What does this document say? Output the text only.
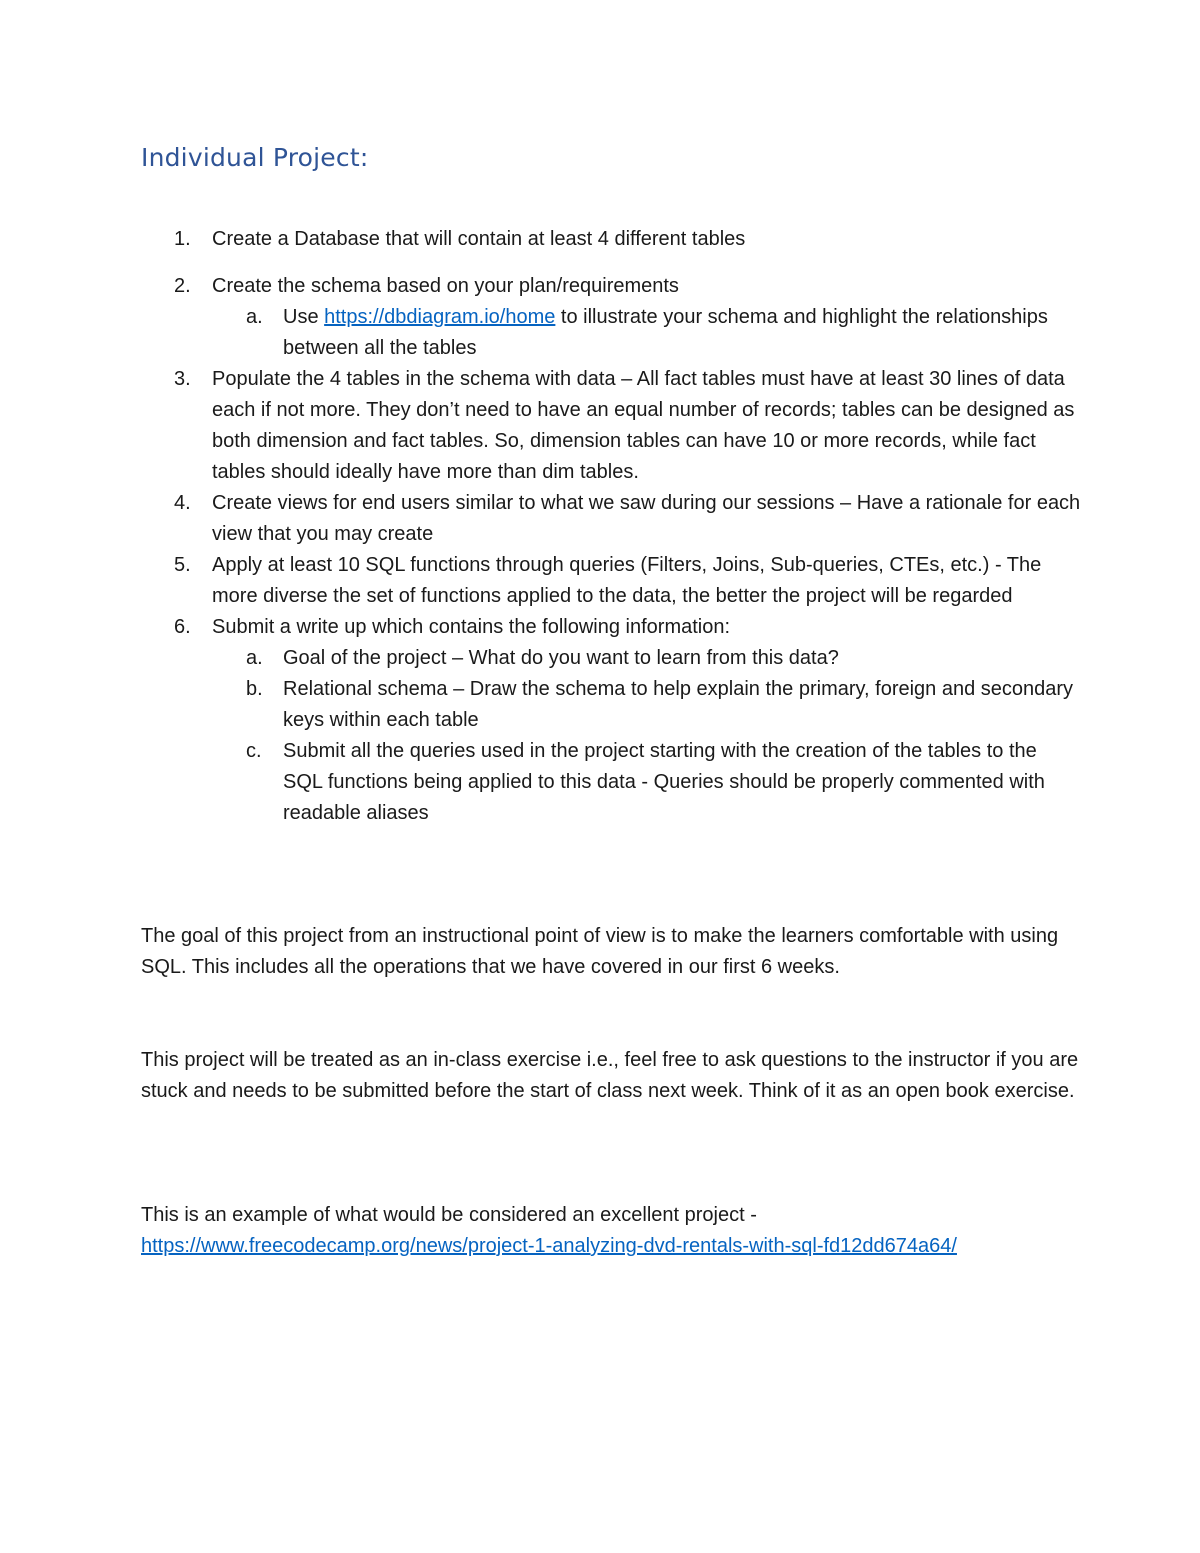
Individual Project:
1. Create a Database that will contain at least 4 different tables
2. Create the schema based on your plan/requirements
a. Use https://dbdiagram.io/home to illustrate your schema and highlight the relationships between all the tables
3. Populate the 4 tables in the schema with data – All fact tables must have at least 30 lines of data each if not more. They don’t need to have an equal number of records; tables can be designed as both dimension and fact tables. So, dimension tables can have 10 or more records, while fact tables should ideally have more than dim tables.
4. Create views for end users similar to what we saw during our sessions – Have a rationale for each view that you may create
5. Apply at least 10 SQL functions through queries (Filters, Joins, Sub-queries, CTEs, etc.) - The more diverse the set of functions applied to the data, the better the project will be regarded
6. Submit a write up which contains the following information:
a. Goal of the project – What do you want to learn from this data?
b. Relational schema – Draw the schema to help explain the primary, foreign and secondary keys within each table
c. Submit all the queries used in the project starting with the creation of the tables to the SQL functions being applied to this data - Queries should be properly commented with readable aliases
The goal of this project from an instructional point of view is to make the learners comfortable with using SQL. This includes all the operations that we have covered in our first 6 weeks.
This project will be treated as an in-class exercise i.e., feel free to ask questions to the instructor if you are stuck and needs to be submitted before the start of class next week. Think of it as an open book exercise.
This is an example of what would be considered an excellent project -
https://www.freecodecamp.org/news/project-1-analyzing-dvd-rentals-with-sql-fd12dd674a64/
